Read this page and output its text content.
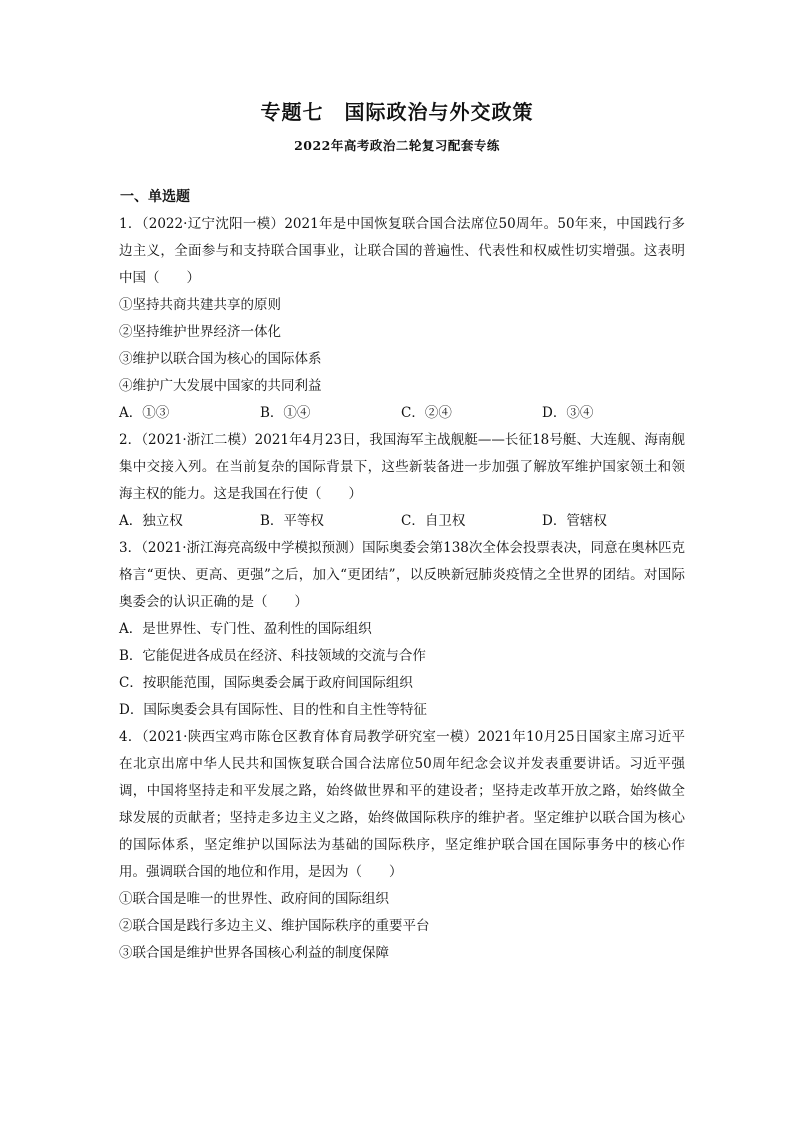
专题七　国际政治与外交政策
2022年高考政治二轮复习配套专练
一、单选题

1．（2022·辽宁沈阳一模）2021年是中国恢复联合国合法席位50周年。50年来，中国践行多边主义，全面参与和支持联合国事业，让联合国的普遍性、代表性和权威性切实增强。这表明中国（　　）

①坚持共商共建共享的原则

②坚持维护世界经济一体化

③维护以联合国为核心的国际体系

④维护广大发展中国家的共同利益

A．①③	B．①④	C．②④	D．③④

2．（2021·浙江二模）2021年4月23日，我国海军主战舰艇——长征18号艇、大连舰、海南舰集中交接入列。在当前复杂的国际背景下，这些新装备进一步加强了解放军维护国家领土和领海主权的能力。这是我国在行使（　　）

A．独立权	B．平等权	C．自卫权	D．管辖权

3．（2021·浙江海亮高级中学模拟预测）国际奥委会第138次全体会投票表决，同意在奥林匹克格言“更快、更高、更强”之后，加入“更团结”，以反映新冠肺炎疫情之全世界的团结。对国际奥委会的认识正确的是（　　）

A．是世界性、专门性、盈利性的国际组织

B．它能促进各成员在经济、科技领域的交流与合作

C．按职能范围，国际奥委会属于政府间国际组织

D．国际奥委会具有国际性、目的性和自主性等特征

4．（2021·陕西宝鸡市陈仓区教育体育局教学研究室一模）2021年10月25日国家主席习近平在北京出席中华人民共和国恢复联合国合法席位50周年纪念会议并发表重要讲话。习近平强调，中国将坚持走和平发展之路，始终做世界和平的建设者；坚持走改革开放之路，始终做全球发展的贡献者；坚持走多边主义之路，始终做国际秩序的维护者。坚定维护以联合国为核心的国际体系，坚定维护以国际法为基础的国际秩序，坚定维护联合国在国际事务中的核心作用。强调联合国的地位和作用，是因为（　　）

①联合国是唯一的世界性、政府间的国际组织

②联合国是践行多边主义、维护国际秩序的重要平台

③联合国是维护世界各国核心利益的制度保障
